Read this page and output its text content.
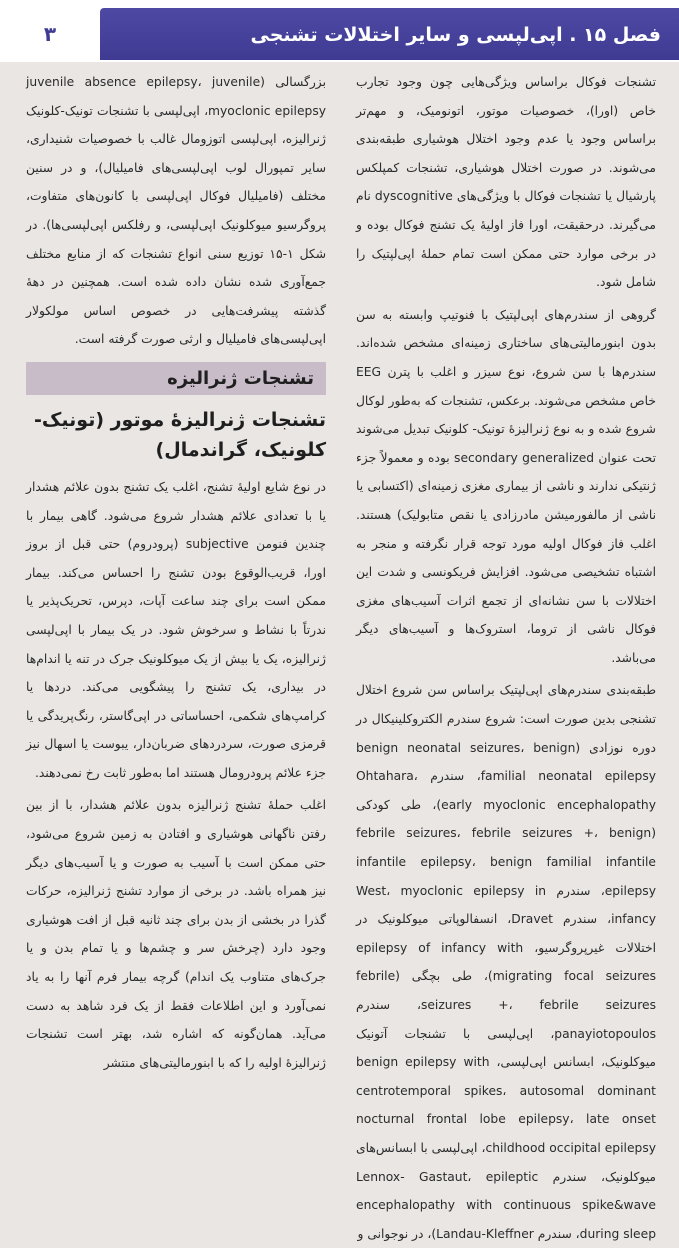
۳	فصل ۱۵ . اپی‌لپسی و سایر اختلالات تشنجی

تشنجات فوکال براساس ویژگی‌هایی چون وجود تجارب خاص (اورا)، خصوصیات موتور، اتونومیک، و مهم‌تر براساس وجود یا عدم وجود اختلال هوشیاری طبقه‌بندی می‌شوند. در صورت اختلال هوشیاری، تشنجات کمپلکس پارشیال یا تشنجات فوکال با ویژگی‌های dyscognitive نام می‌گیرند. درحقیقت، اورا فاز اولیهٔ یک تشنج فوکال بوده و در برخی موارد حتی ممکن است تمام حملهٔ اپی‌لپتیک را شامل شود.

گروهی از سندرم‌های اپی‌لپتیک با فنوتیپ وابسته به سن بدون ابنورمالیتی‌های ساختاری زمینه‌ای مشخص شده‌اند. سندرم‌ها با سن شروع، نوع سیزر و اغلب با پترن EEG خاص مشخص می‌شوند. برعکس، تشنجات که به‌طور لوکال شروع شده و به نوع ژنرالیزهٔ تونیک- کلونیک تبدیل می‌شوند تحت عنوان secondary generalized بوده و معمولاً جزء ژنتیکی ندارند و ناشی از بیماری مغزی زمینه‌ای (اکتسابی یا ناشی از مالفورمیشن مادرزادی یا نقص متابولیک) هستند. اغلب فاز فوکال اولیه مورد توجه قرار نگرفته و منجر به اشتباه تشخیصی می‌شود. افزایش فریکونسی و شدت این اختلالات با سن نشانه‌ای از تجمع اثرات آسیب‌های مغزی فوکال ناشی از تروما، استروک‌ها و آسیب‌های دیگر می‌باشد.

طبقه‌بندی سندرم‌های اپی‌لپتیک براساس سن شروع اختلال تشنجی بدین صورت است: شروع سندرم الکتروکلینیکال در دوره نوزادی (benign neonatal seizures، benign familial neonatal epilepsy، سندرم Ohtahara، early myoclonic encephalopathy)، طی کودکی (febrile seizures، febrile seizures +، benign infantile epilepsy، benign familial infantile epilepsy، سندرم West، myoclonic epilepsy in infancy، سندرم Dravet، انسفالوپاتی میوکلونیک در اختلالات غیرپروگرسیو، epilepsy of infancy with migrating focal seizures)، طی بچگی (febrile seizures +، febrile seizures، سندرم panayiotopoulos، اپی‌لپسی با تشنجات آتونیک میوکلونیک، ابسانس اپی‌لپسی، benign epilepsy with centrotemporal spikes، autosomal dominant nocturnal frontal lobe epilepsy، late onset childhood occipital epilepsy، اپی‌لپسی با ابسانس‌های میوکلونیک، سندرم Lennox- Gastaut، epileptic encephalopathy with continuous spike&wave during sleep، سندرم Landau-Kleffner)، در نوجوانی و

بزرگسالی (juvenile absence epilepsy، juvenile myoclonic epilepsy، اپی‌لپسی با تشنجات تونیک-کلونیک ژنرالیزه، اپی‌لپسی اتوزومال غالب با خصوصیات شنیداری، سایر تمپورال لوب اپی‌لپسی‌های فامیلیال)، و در سنین مختلف (فامیلیال فوکال اپی‌لپسی با کانون‌های متفاوت، پروگرسیو میوکلونیک اپی‌لپسی، و رفلکس اپی‌لپسی‌ها). در شکل ۱-۱۵ توزیع سنی انواع تشنجات که از منابع مختلف جمع‌آوری شده نشان داده شده است. همچنین در دههٔ گذشته پیشرفت‌هایی در خصوص اساس مولکولار اپی‌لپسی‌های فامیلیال و ارثی صورت گرفته است.

تشنجات ژنرالیزه
تشنجات ژنرالیزهٔ موتور (تونیک-کلونیک، گراندمال)

در نوع شایع اولیهٔ تشنج، اغلب یک تشنج بدون علائم هشدار یا با تعدادی علائم هشدار شروع می‌شود. گاهی بیمار با چندین فنومن subjective (پرودروم) حتی قبل از بروز اورا، قریب‌الوقوع بودن تشنج را احساس می‌کند. بیمار ممکن است برای چند ساعت آپات، دپرس، تحریک‌پذیر یا ندرتاً با نشاط و سرخوش شود. در یک بیمار با اپی‌لپسی ژنرالیزه، یک یا بیش از یک میوکلونیک جرک در تنه یا اندام‌ها در بیداری، یک تشنج را پیشگویی می‌کند. دردها یا کرامپ‌های شکمی، احساساتی در اپی‌گاستر، رنگ‌پریدگی یا قرمزی صورت، سردردهای ضربان‌دار، یبوست یا اسهال نیز جزء علائم پرودرومال هستند اما به‌طور ثابت رخ نمی‌دهند.

اغلب حملهٔ تشنج ژنرالیزه بدون علائم هشدار، با از بین رفتن ناگهانی هوشیاری و افتادن به زمین شروع می‌شود، حتی ممکن است با آسیب به صورت و یا آسیب‌های دیگر نیز همراه باشد. در برخی از موارد تشنج ژنرالیزه، حرکات گذرا در بخشی از بدن برای چند ثانیه قبل از افت هوشیاری وجود دارد (چرخش سر و چشم‌ها و یا تمام بدن و یا جرک‌های متناوب یک اندام) گرچه بیمار فرم آنها را به یاد نمی‌آورد و این اطلاعات فقط از یک فرد شاهد به دست می‌آید. همان‌گونه که اشاره شد، بهتر است تشنجات ژنرالیزهٔ اولیه را که با ابنورمالیتی‌های منتشر
